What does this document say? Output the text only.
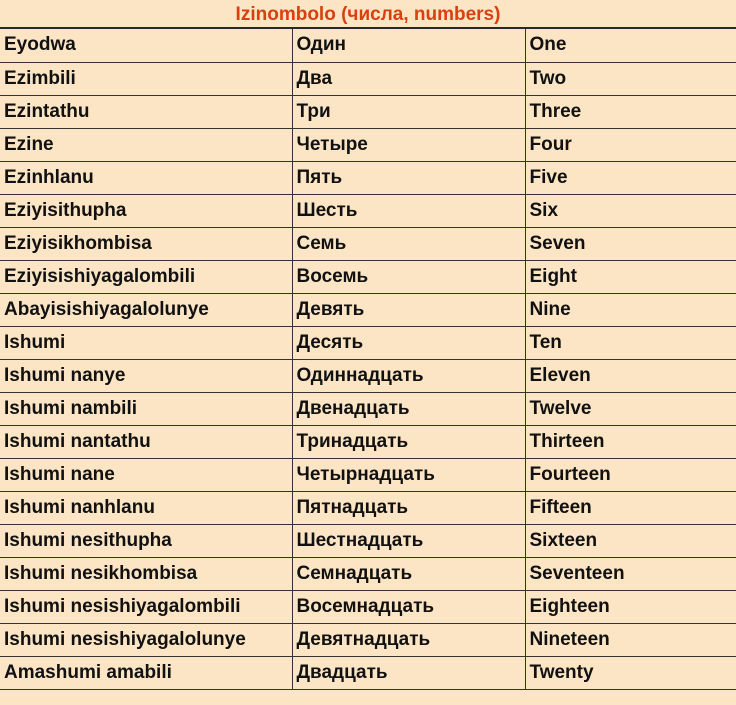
Izinombolo (числа, numbers)
Eyodwa	Один	One
Ezimbili	Два	Two
Ezintathu	Три	Three
Ezine	Четыре	Four
Ezinhlanu	Пять	Five
Eziyisithupha	Шесть	Six
Eziyisikhombisa	Семь	Seven
Eziyisishiyagalombili	Восемь	Eight
Abayisishiyagalolunye	Девять	Nine
Ishumi	Десять	Ten
Ishumi nanye	Одиннадцать	Eleven
Ishumi nambili	Двенадцать	Twelve
Ishumi nantathu	Тринадцать	Thirteen
Ishumi nane	Четырнадцать	Fourteen
Ishumi nanhlanu	Пятнадцать	Fifteen
Ishumi nesithupha	Шестнадцать	Sixteen
Ishumi nesikhombisa	Семнадцать	Seventeen
Ishumi nesishiyagalombili	Восемнадцать	Eighteen
Ishumi nesishiyagalolunye	Девятнадцать	Nineteen
Amashumi amabili	Двадцать	Twenty
